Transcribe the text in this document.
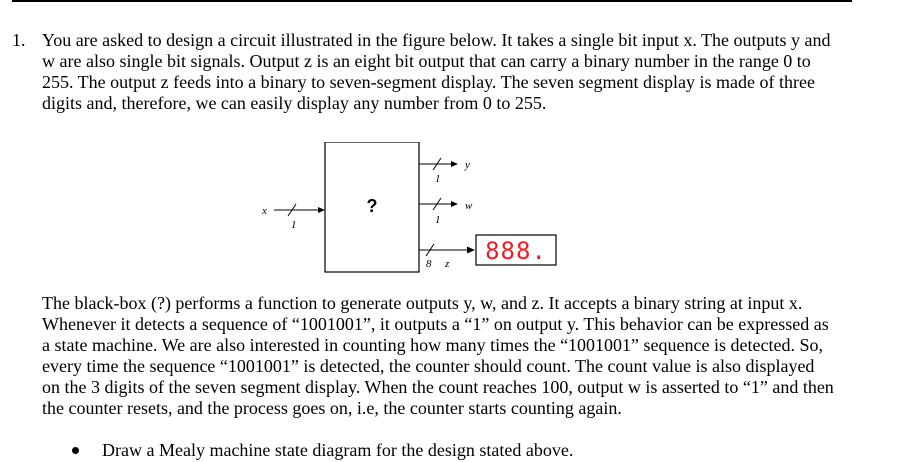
1. You are asked to design a circuit illustrated in the figure below. It takes a single bit input x. The outputs y and
w are also single bit signals. Output z is an eight bit output that can carry a binary number in the range 0 to
255. The output z feeds into a binary to seven-segment display. The seven segment display is made of three
digits and, therefore, we can easily display any number from 0 to 255.

?
x
1
1
y
1
w
8 z 888.

The black-box (?) performs a function to generate outputs y, w, and z. It accepts a binary string at input x.
Whenever it detects a sequence of “1001001”, it outputs a “1” on output y. This behavior can be expressed as
a state machine. We are also interested in counting how many times the “1001001” sequence is detected. So,
every time the sequence “1001001” is detected, the counter should count. The count value is also displayed
on the 3 digits of the seven segment display. When the count reaches 100, output w is asserted to “1” and then
the counter resets, and the process goes on, i.e, the counter starts counting again.

Draw a Mealy machine state diagram for the design stated above.
